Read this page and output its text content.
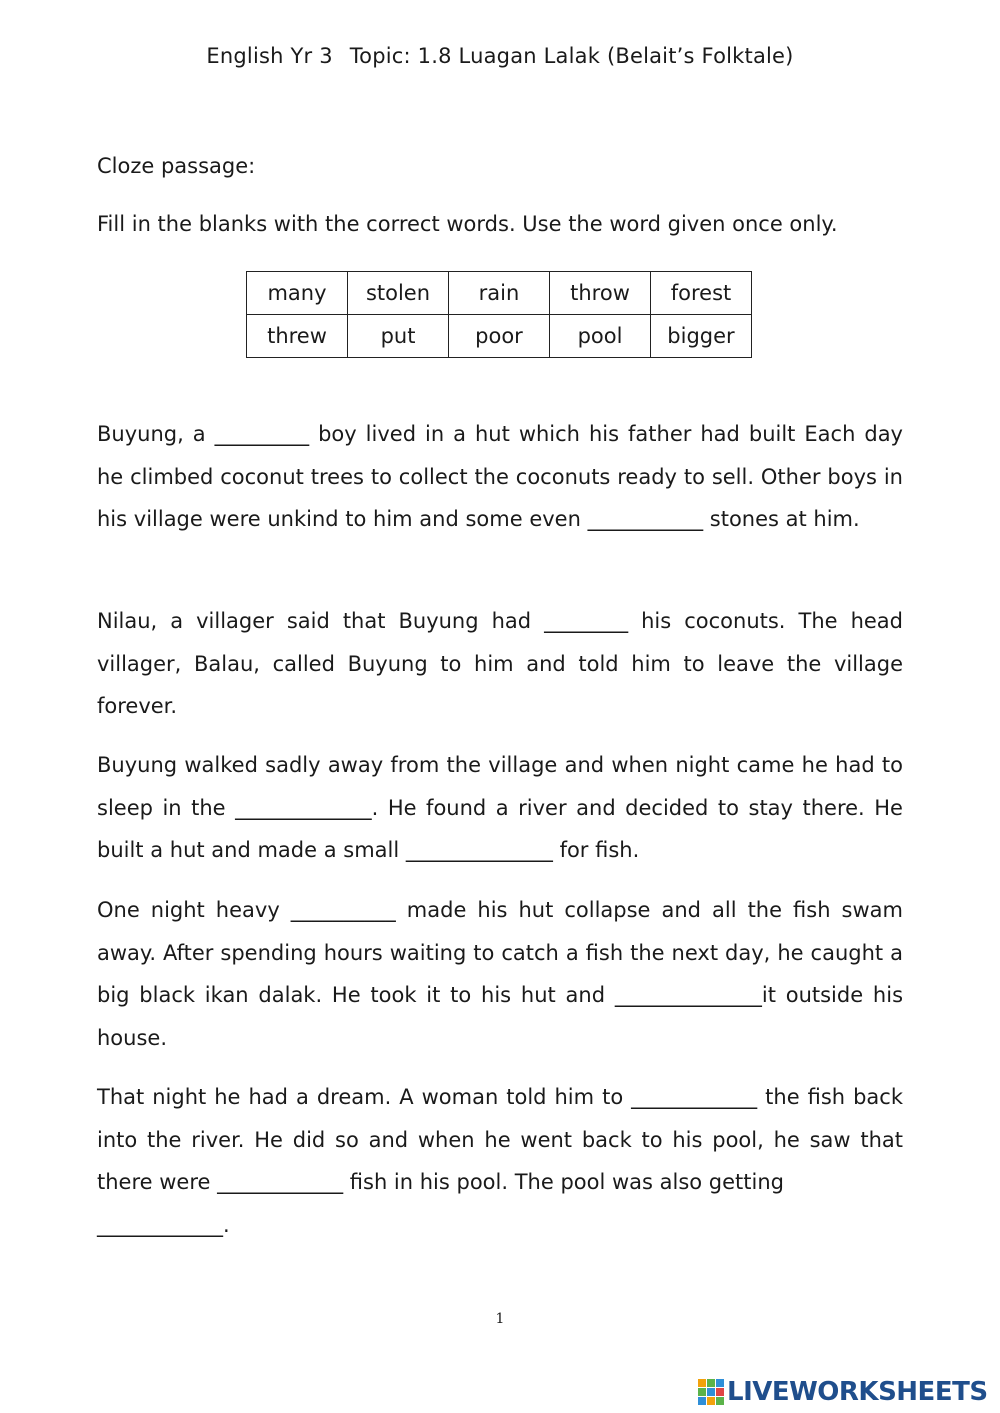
English Yr 3 Topic: 1.8 Luagan Lalak (Belait’s Folktale)
Cloze passage:
Fill in the blanks with the correct words. Use the word given once only.
many	stolen	rain	throw	forest
threw	put	poor	pool	bigger

Buyung, a _________ boy lived in a hut which his father had built Each day he climbed coconut trees to collect the coconuts ready to sell. Other boys in his village were unkind to him and some even ___________ stones at him.

Nilau, a villager said that Buyung had ________ his coconuts. The head villager, Balau, called Buyung to him and told him to leave the village forever.

Buyung walked sadly away from the village and when night came he had to sleep in the _____________. He found a river and decided to stay there. He built a hut and made a small ______________ for fish.

One night heavy __________ made his hut collapse and all the fish swam away. After spending hours waiting to catch a fish the next day, he caught a big black ikan dalak. He took it to his hut and ______________it outside his house.

That night he had a dream. A woman told him to ____________ the fish back into the river. He did so and when he went back to his pool, he saw that there were ____________ fish in his pool. The pool was also getting
____________.

1
LIVEWORKSHEETS
